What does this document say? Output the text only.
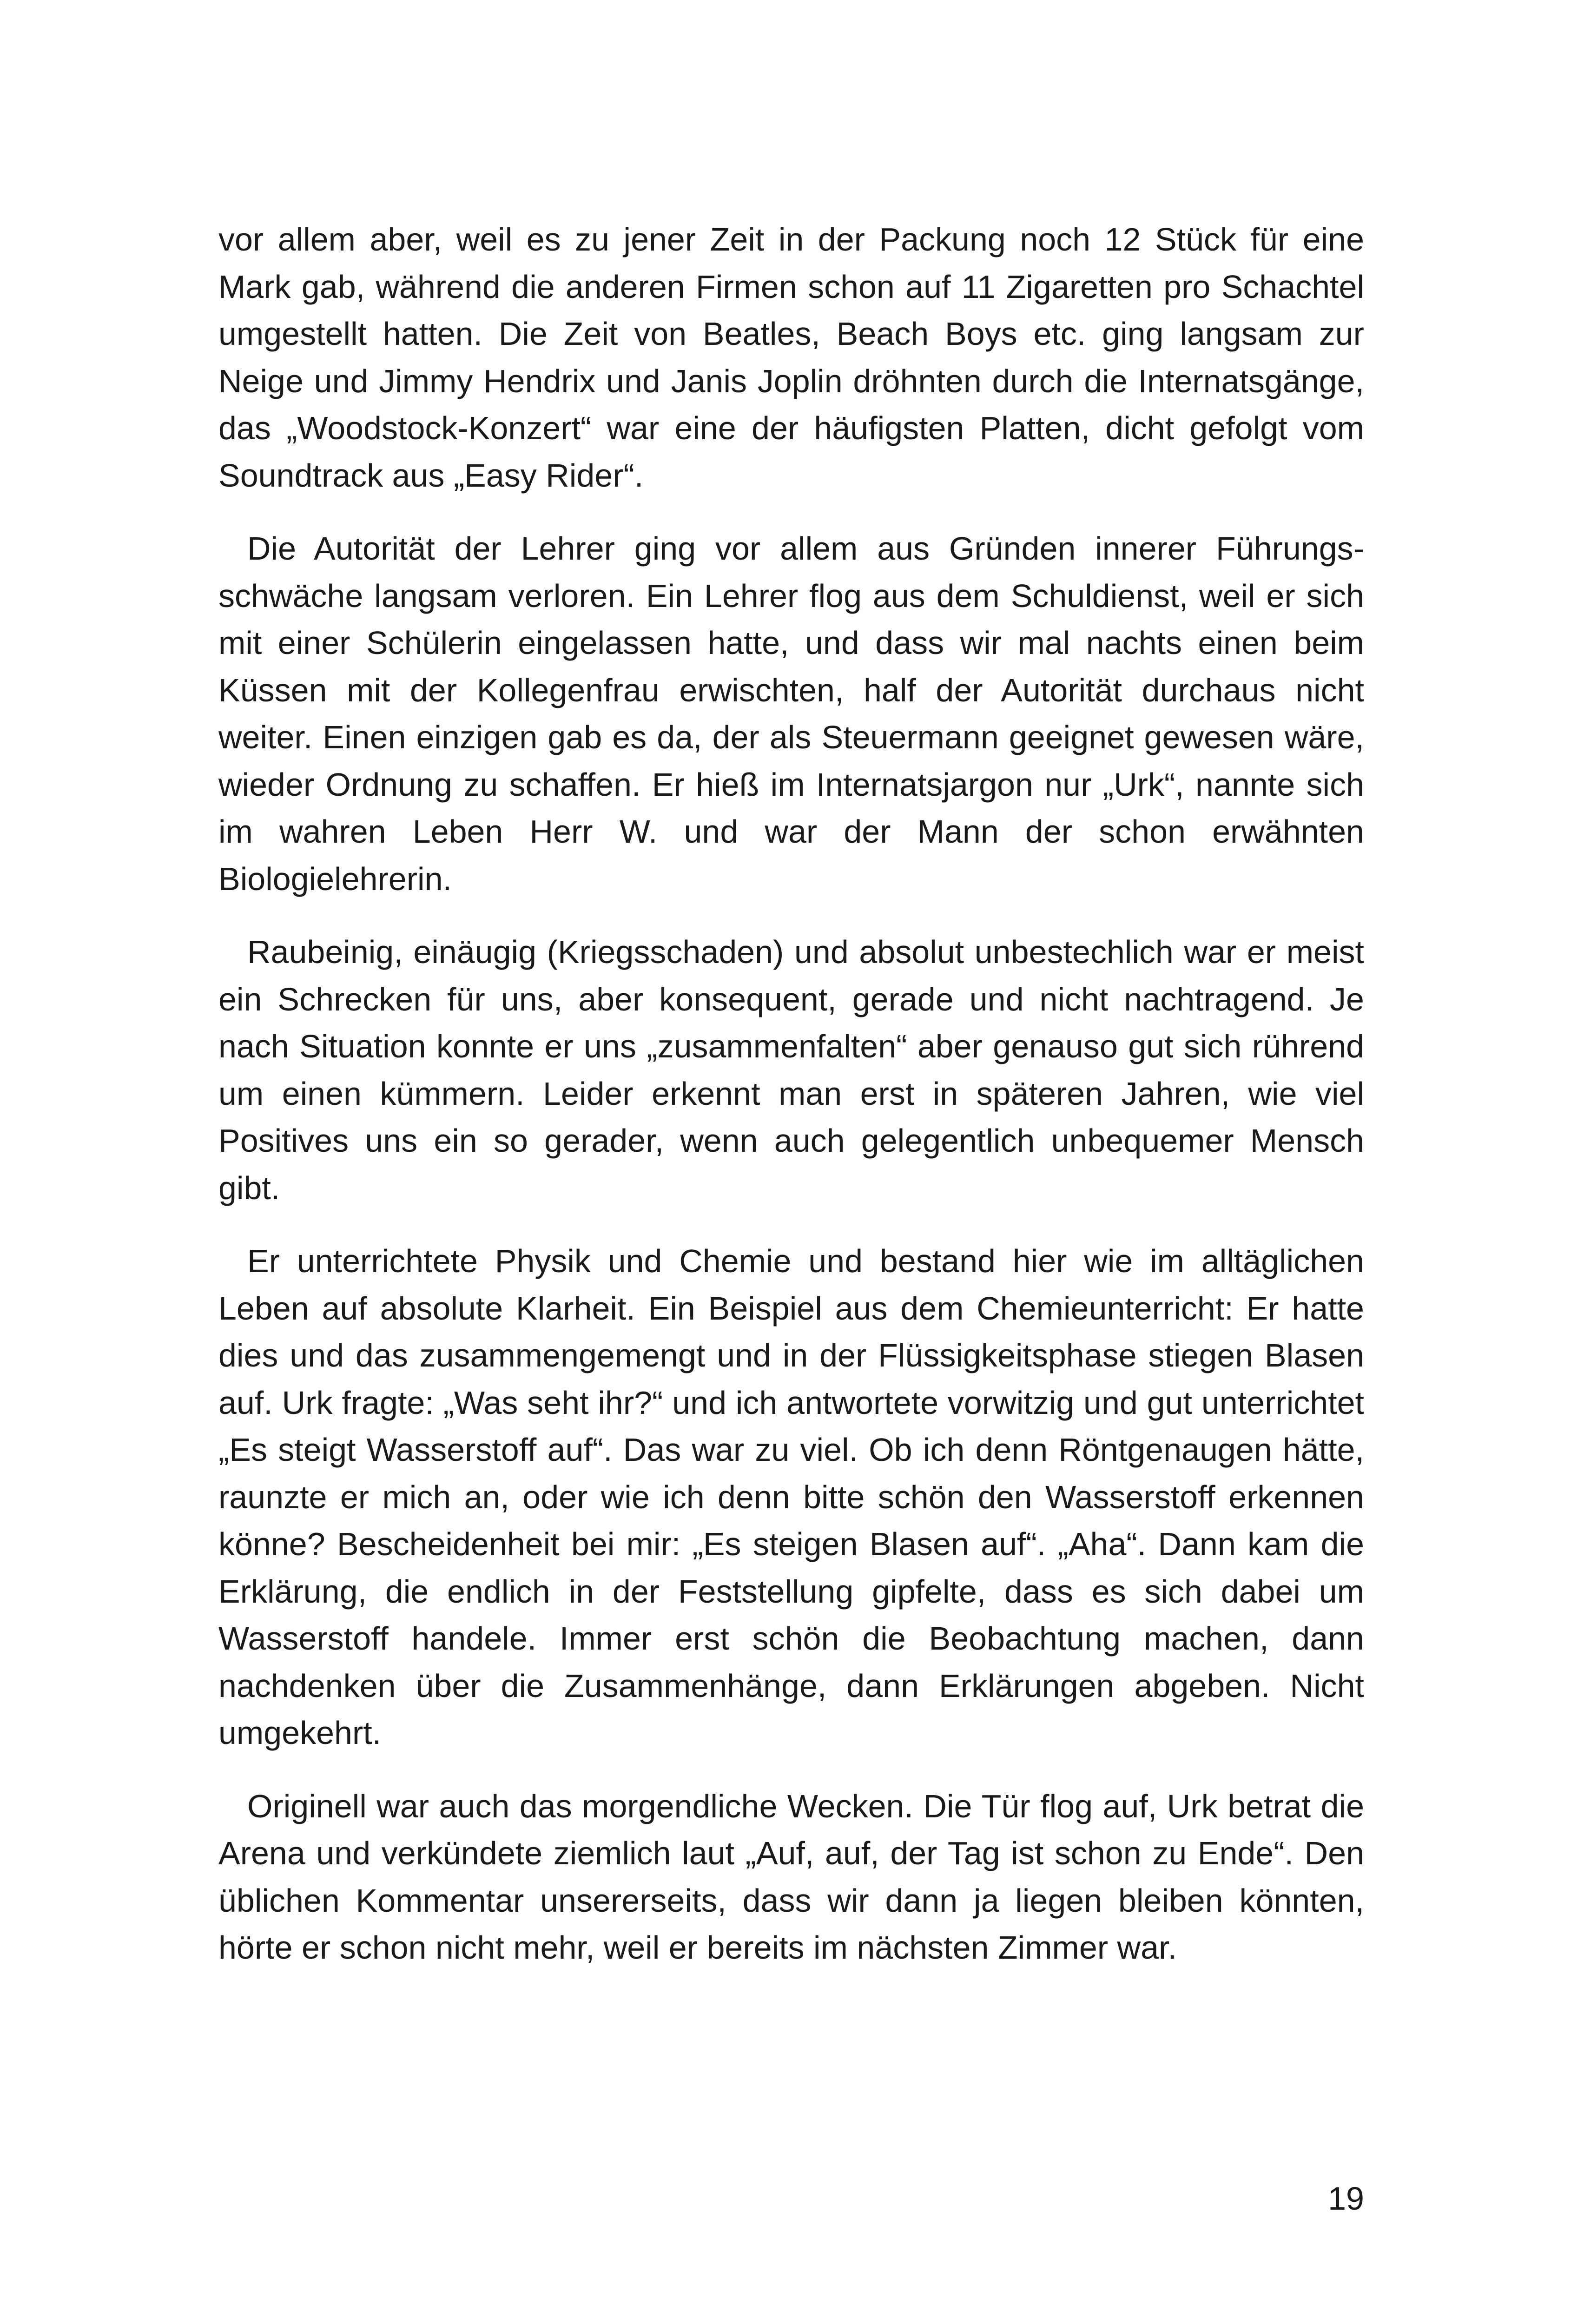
vor allem aber, weil es zu jener Zeit in der Packung noch 12 Stück für eine Mark gab, während die anderen Firmen schon auf 11 Zigaretten pro Schachtel umgestellt hatten. Die Zeit von Beatles, Beach Boys etc. ging langsam zur Neige und Jimmy Hendrix und Janis Joplin dröhnten durch die Internatsgänge, das „Woodstock-Konzert“ war eine der häufigsten Platten, dicht gefolgt vom Soundtrack aus „Easy Rider“.

Die Autorität der Lehrer ging vor allem aus Gründen innerer Führungsschwäche langsam verloren. Ein Lehrer flog aus dem Schuldienst, weil er sich mit einer Schülerin eingelassen hatte, und dass wir mal nachts einen beim Küssen mit der Kollegenfrau erwischten, half der Autorität durchaus nicht weiter. Einen einzigen gab es da, der als Steuermann geeignet gewesen wäre, wieder Ordnung zu schaffen. Er hieß im Internatsjargon nur „Urk“, nannte sich im wahren Leben Herr W. und war der Mann der schon erwähnten Biologielehrerin.

Raubeinig, einäugig (Kriegsschaden) und absolut unbestechlich war er meist ein Schrecken für uns, aber konsequent, gerade und nicht nachtragend. Je nach Situation konnte er uns „zusammenfalten“ aber genauso gut sich rührend um einen kümmern. Leider erkennt man erst in späteren Jahren, wie viel Positives uns ein so gerader, wenn auch gelegentlich unbequemer Mensch gibt.

Er unterrichtete Physik und Chemie und bestand hier wie im alltäglichen Leben auf absolute Klarheit. Ein Beispiel aus dem Chemieunterricht: Er hatte dies und das zusammengemengt und in der Flüssigkeitsphase stiegen Blasen auf. Urk fragte: „Was seht ihr?“ und ich antwortete vorwitzig und gut unterrichtet „Es steigt Wasserstoff auf“. Das war zu viel. Ob ich denn Röntgenaugen hätte, raunzte er mich an, oder wie ich denn bitte schön den Wasserstoff erkennen könne? Bescheidenheit bei mir: „Es steigen Blasen auf“. „Aha“. Dann kam die Erklärung, die endlich in der Feststellung gipfelte, dass es sich dabei um Wasserstoff handele. Immer erst schön die Beobachtung machen, dann nachdenken über die Zusammenhänge, dann Erklärungen abgeben. Nicht umgekehrt.

Originell war auch das morgendliche Wecken. Die Tür flog auf, Urk betrat die Arena und verkündete ziemlich laut „Auf, auf, der Tag ist schon zu Ende“. Den üblichen Kommentar unsererseits, dass wir dann ja liegen bleiben könnten, hörte er schon nicht mehr, weil er bereits im nächsten Zimmer war.

19
